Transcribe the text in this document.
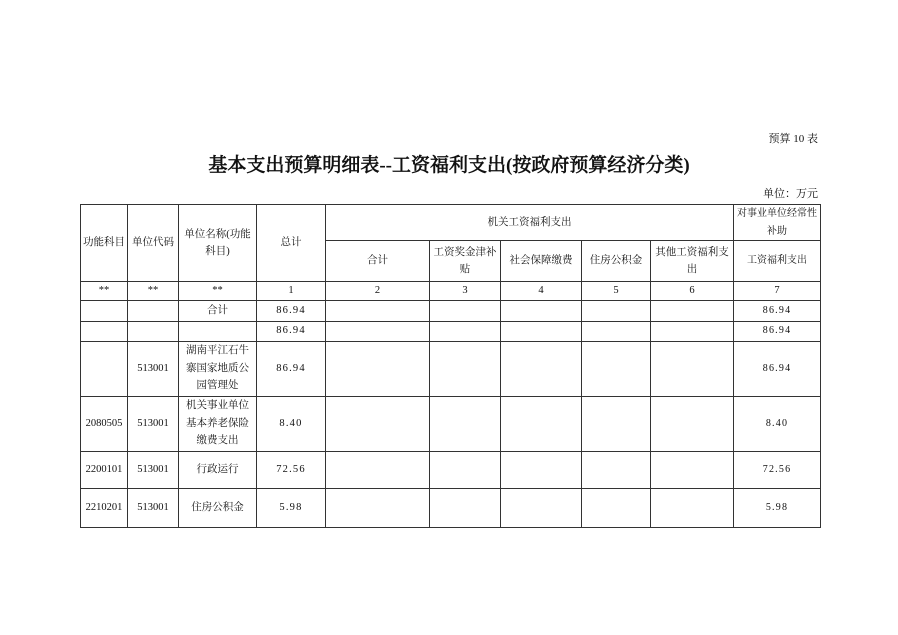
预算 10 表
基本支出预算明细表--工资福利支出(按政府预算经济分类)
单位：万元
功能科目	单位代码	单位名称(功能科目)	总计	机关工资福利支出					对事业单位经常性补助
				合计	工资奖金津补贴	社会保障缴费	住房公积金	其他工资福利支出	工资福利支出
**	**	**	1	2	3	4	5	6	7
		合计	86.94						86.94
			86.94						86.94
	513001	湖南平江石牛寨国家地质公园管理处	86.94						86.94
2080505	513001	机关事业单位基本养老保险缴费支出	8.40						8.40
2200101	513001	行政运行	72.56						72.56
2210201	513001	住房公积金	5.98						5.98
